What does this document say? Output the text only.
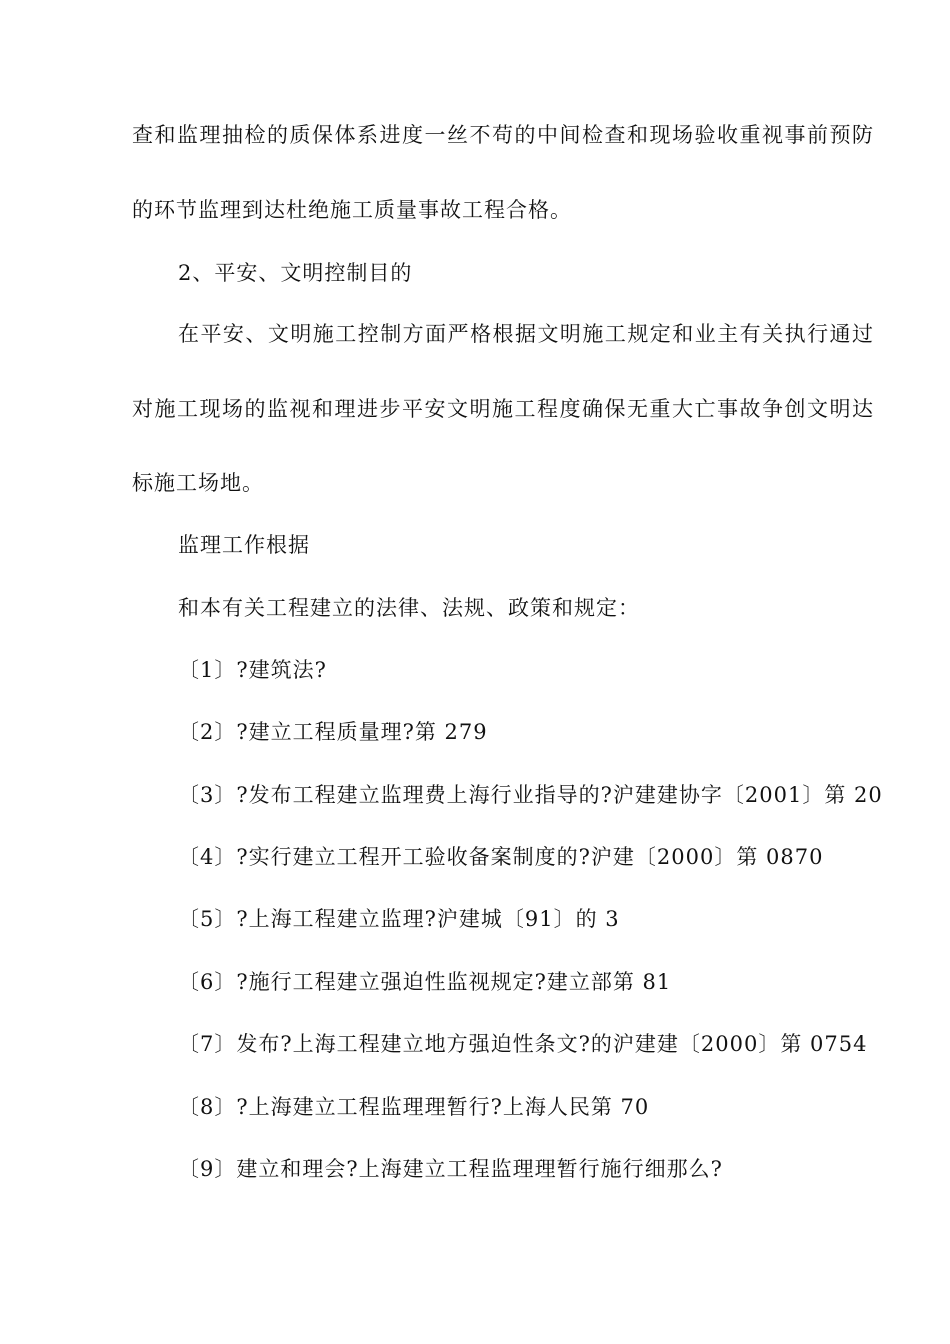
查和监理抽检的质保体系进度一丝不苟的中间检查和现场验收重视事前预防
的环节监理到达杜绝施工质量事故工程合格。
2、平安、文明控制目的
在平安、文明施工控制方面严格根据文明施工规定和业主有关执行通过
对施工现场的监视和理进步平安文明施工程度确保无重大亡事故争创文明达
标施工场地。
监理工作根据
和本有关工程建立的法律、法规、政策和规定：
〔1〕?建筑法?
〔2〕?建立工程质量理?第 279
〔3〕?发布工程建立监理费上海行业指导的?沪建建协字〔2001〕第 20
〔4〕?实行建立工程开工验收备案制度的?沪建〔2000〕第 0870
〔5〕?上海工程建立监理?沪建城〔91〕的 3
〔6〕?施行工程建立强迫性监视规定?建立部第 81
〔7〕发布?上海工程建立地方强迫性条文?的沪建建〔2000〕第 0754
〔8〕?上海建立工程监理理暂行?上海人民第 70
〔9〕建立和理会?上海建立工程监理理暂行施行细那么?
